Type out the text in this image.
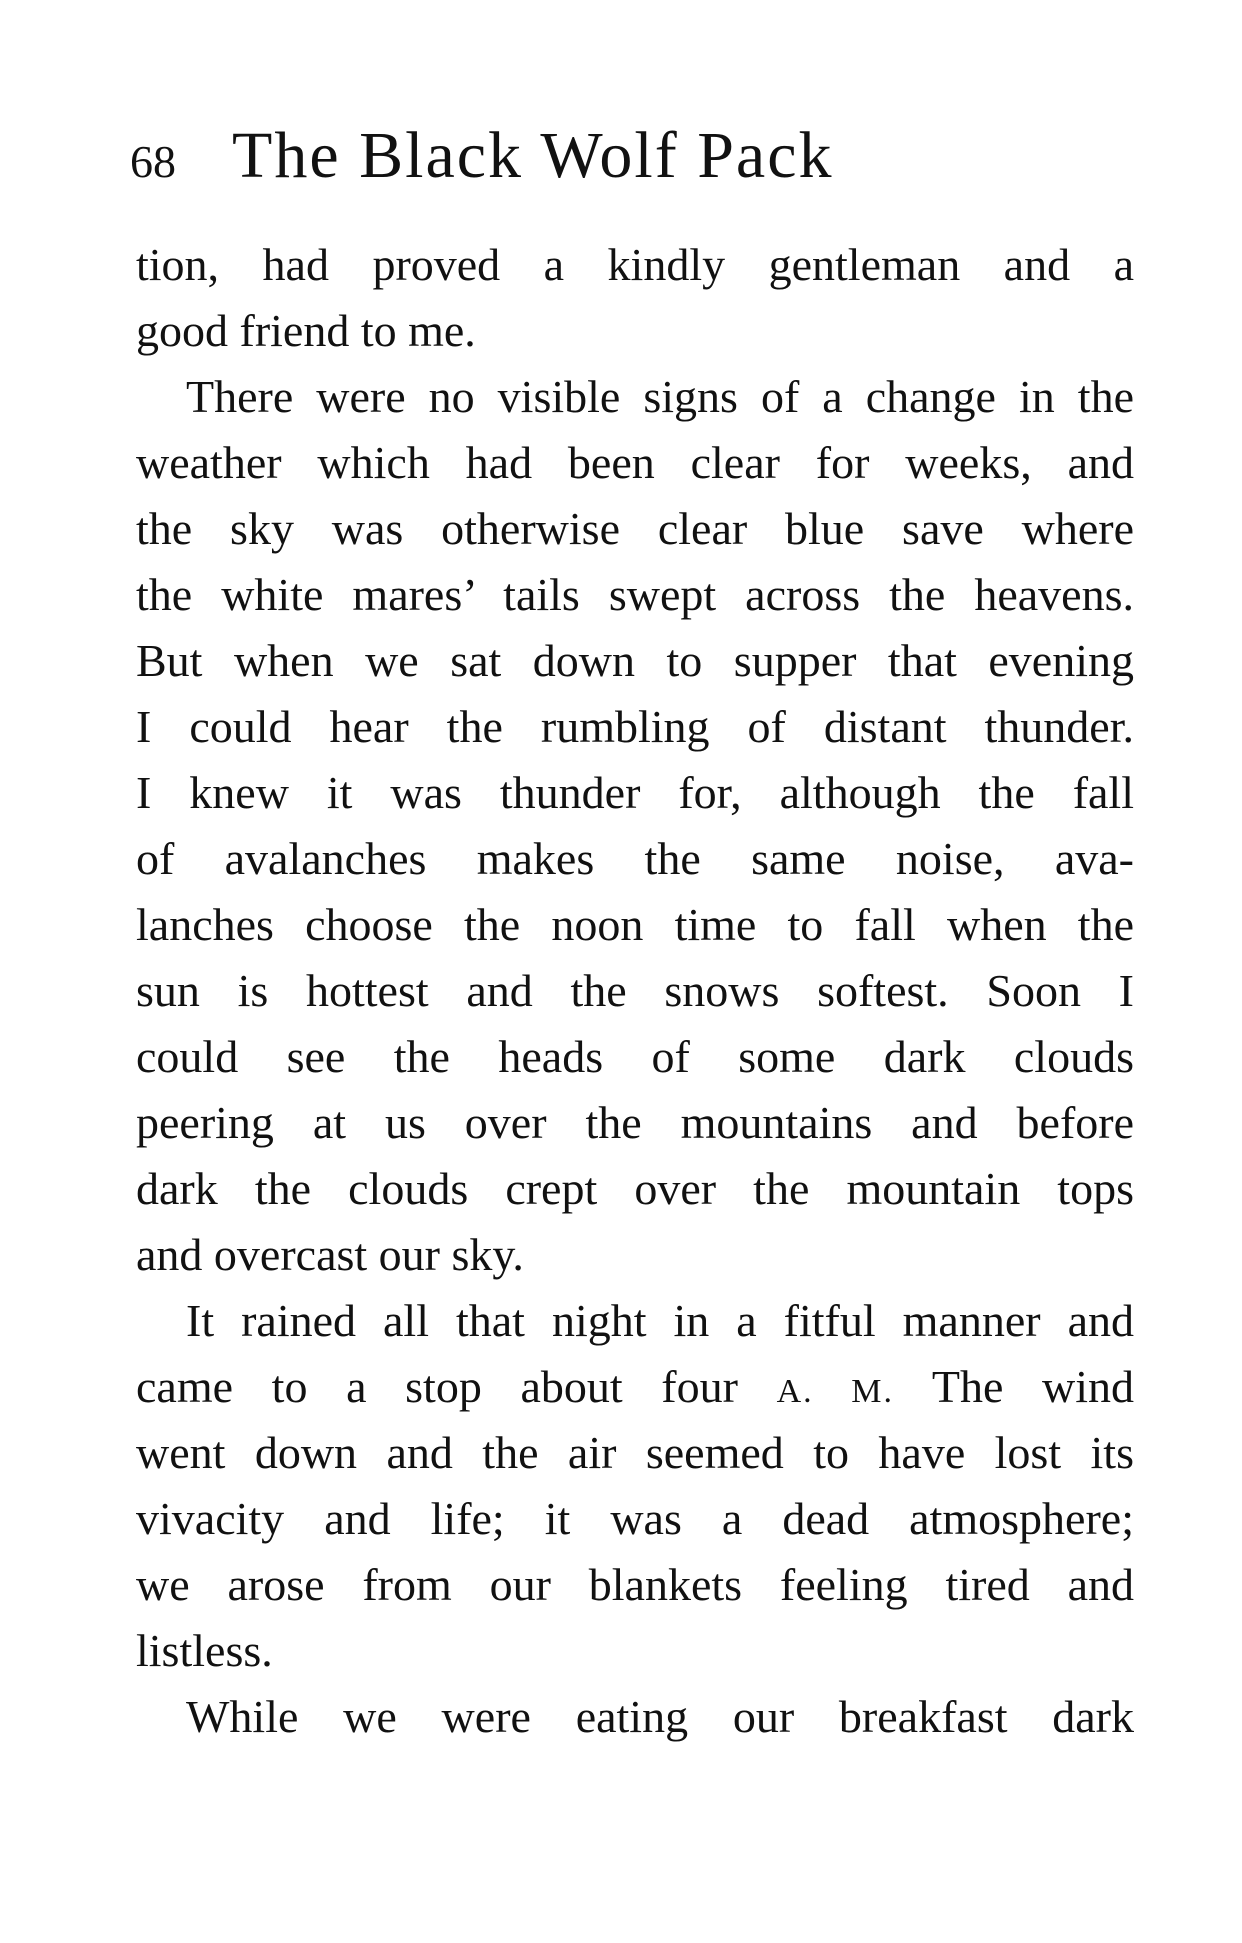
68 The Black Wolf Pack
tion, had proved a kindly gentleman and a
good friend to me.
There were no visible signs of a change in the
weather which had been clear for weeks, and
the sky was otherwise clear blue save where
the white mares’ tails swept across the heavens.
But when we sat down to supper that evening
I could hear the rumbling of distant thunder.
I knew it was thunder for, although the fall
of avalanches makes the same noise, ava-
lanches choose the noon time to fall when the
sun is hottest and the snows softest. Soon I
could see the heads of some dark clouds
peering at us over the mountains and before
dark the clouds crept over the mountain tops
and overcast our sky.
It rained all that night in a fitful manner and
came to a stop about four A. M. The wind
went down and the air seemed to have lost its
vivacity and life; it was a dead atmosphere;
we arose from our blankets feeling tired and
listless.
While we were eating our breakfast dark
